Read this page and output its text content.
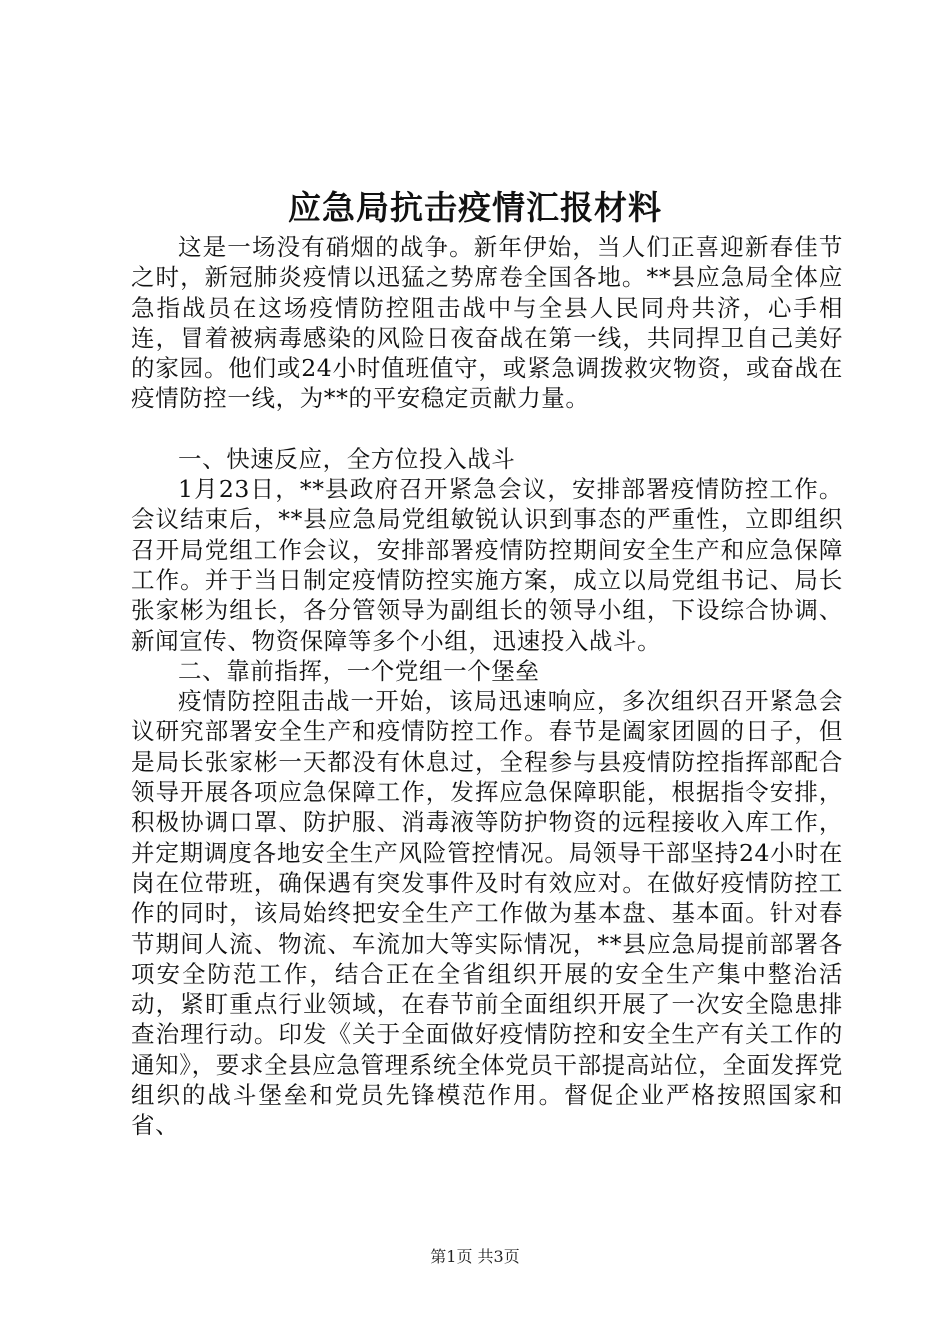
应急局抗击疫情汇报材料

这是一场没有硝烟的战争。新年伊始，当人们正喜迎新春佳节之时，新冠肺炎疫情以迅猛之势席卷全国各地。**县应急局全体应急指战员在这场疫情防控阻击战中与全县人民同舟共济，心手相连，冒着被病毒感染的风险日夜奋战在第一线，共同捍卫自己美好的家园。他们或24小时值班值守，或紧急调拨救灾物资，或奋战在疫情防控一线，为**的平安稳定贡献力量。

一、快速反应，全方位投入战斗

1月23日，**县政府召开紧急会议，安排部署疫情防控工作。会议结束后，**县应急局党组敏锐认识到事态的严重性，立即组织召开局党组工作会议，安排部署疫情防控期间安全生产和应急保障工作。并于当日制定疫情防控实施方案，成立以局党组书记、局长张家彬为组长，各分管领导为副组长的领导小组，下设综合协调、新闻宣传、物资保障等多个小组，迅速投入战斗。

二、靠前指挥，一个党组一个堡垒

疫情防控阻击战一开始，该局迅速响应，多次组织召开紧急会议研究部署安全生产和疫情防控工作。春节是阖家团圆的日子，但是局长张家彬一天都没有休息过，全程参与县疫情防控指挥部配合领导开展各项应急保障工作，发挥应急保障职能，根据指令安排，积极协调口罩、防护服、消毒液等防护物资的远程接收入库工作，并定期调度各地安全生产风险管控情况。局领导干部坚持24小时在岗在位带班，确保遇有突发事件及时有效应对。在做好疫情防控工作的同时，该局始终把安全生产工作做为基本盘、基本面。针对春节期间人流、物流、车流加大等实际情况，**县应急局提前部署各项安全防范工作，结合正在全省组织开展的安全生产集中整治活动，紧盯重点行业领域，在春节前全面组织开展了一次安全隐患排查治理行动。印发《关于全面做好疫情防控和安全生产有关工作的通知》，要求全县应急管理系统全体党员干部提高站位，全面发挥党组织的战斗堡垒和党员先锋模范作用。督促企业严格按照国家和省、

第1页 共3页
